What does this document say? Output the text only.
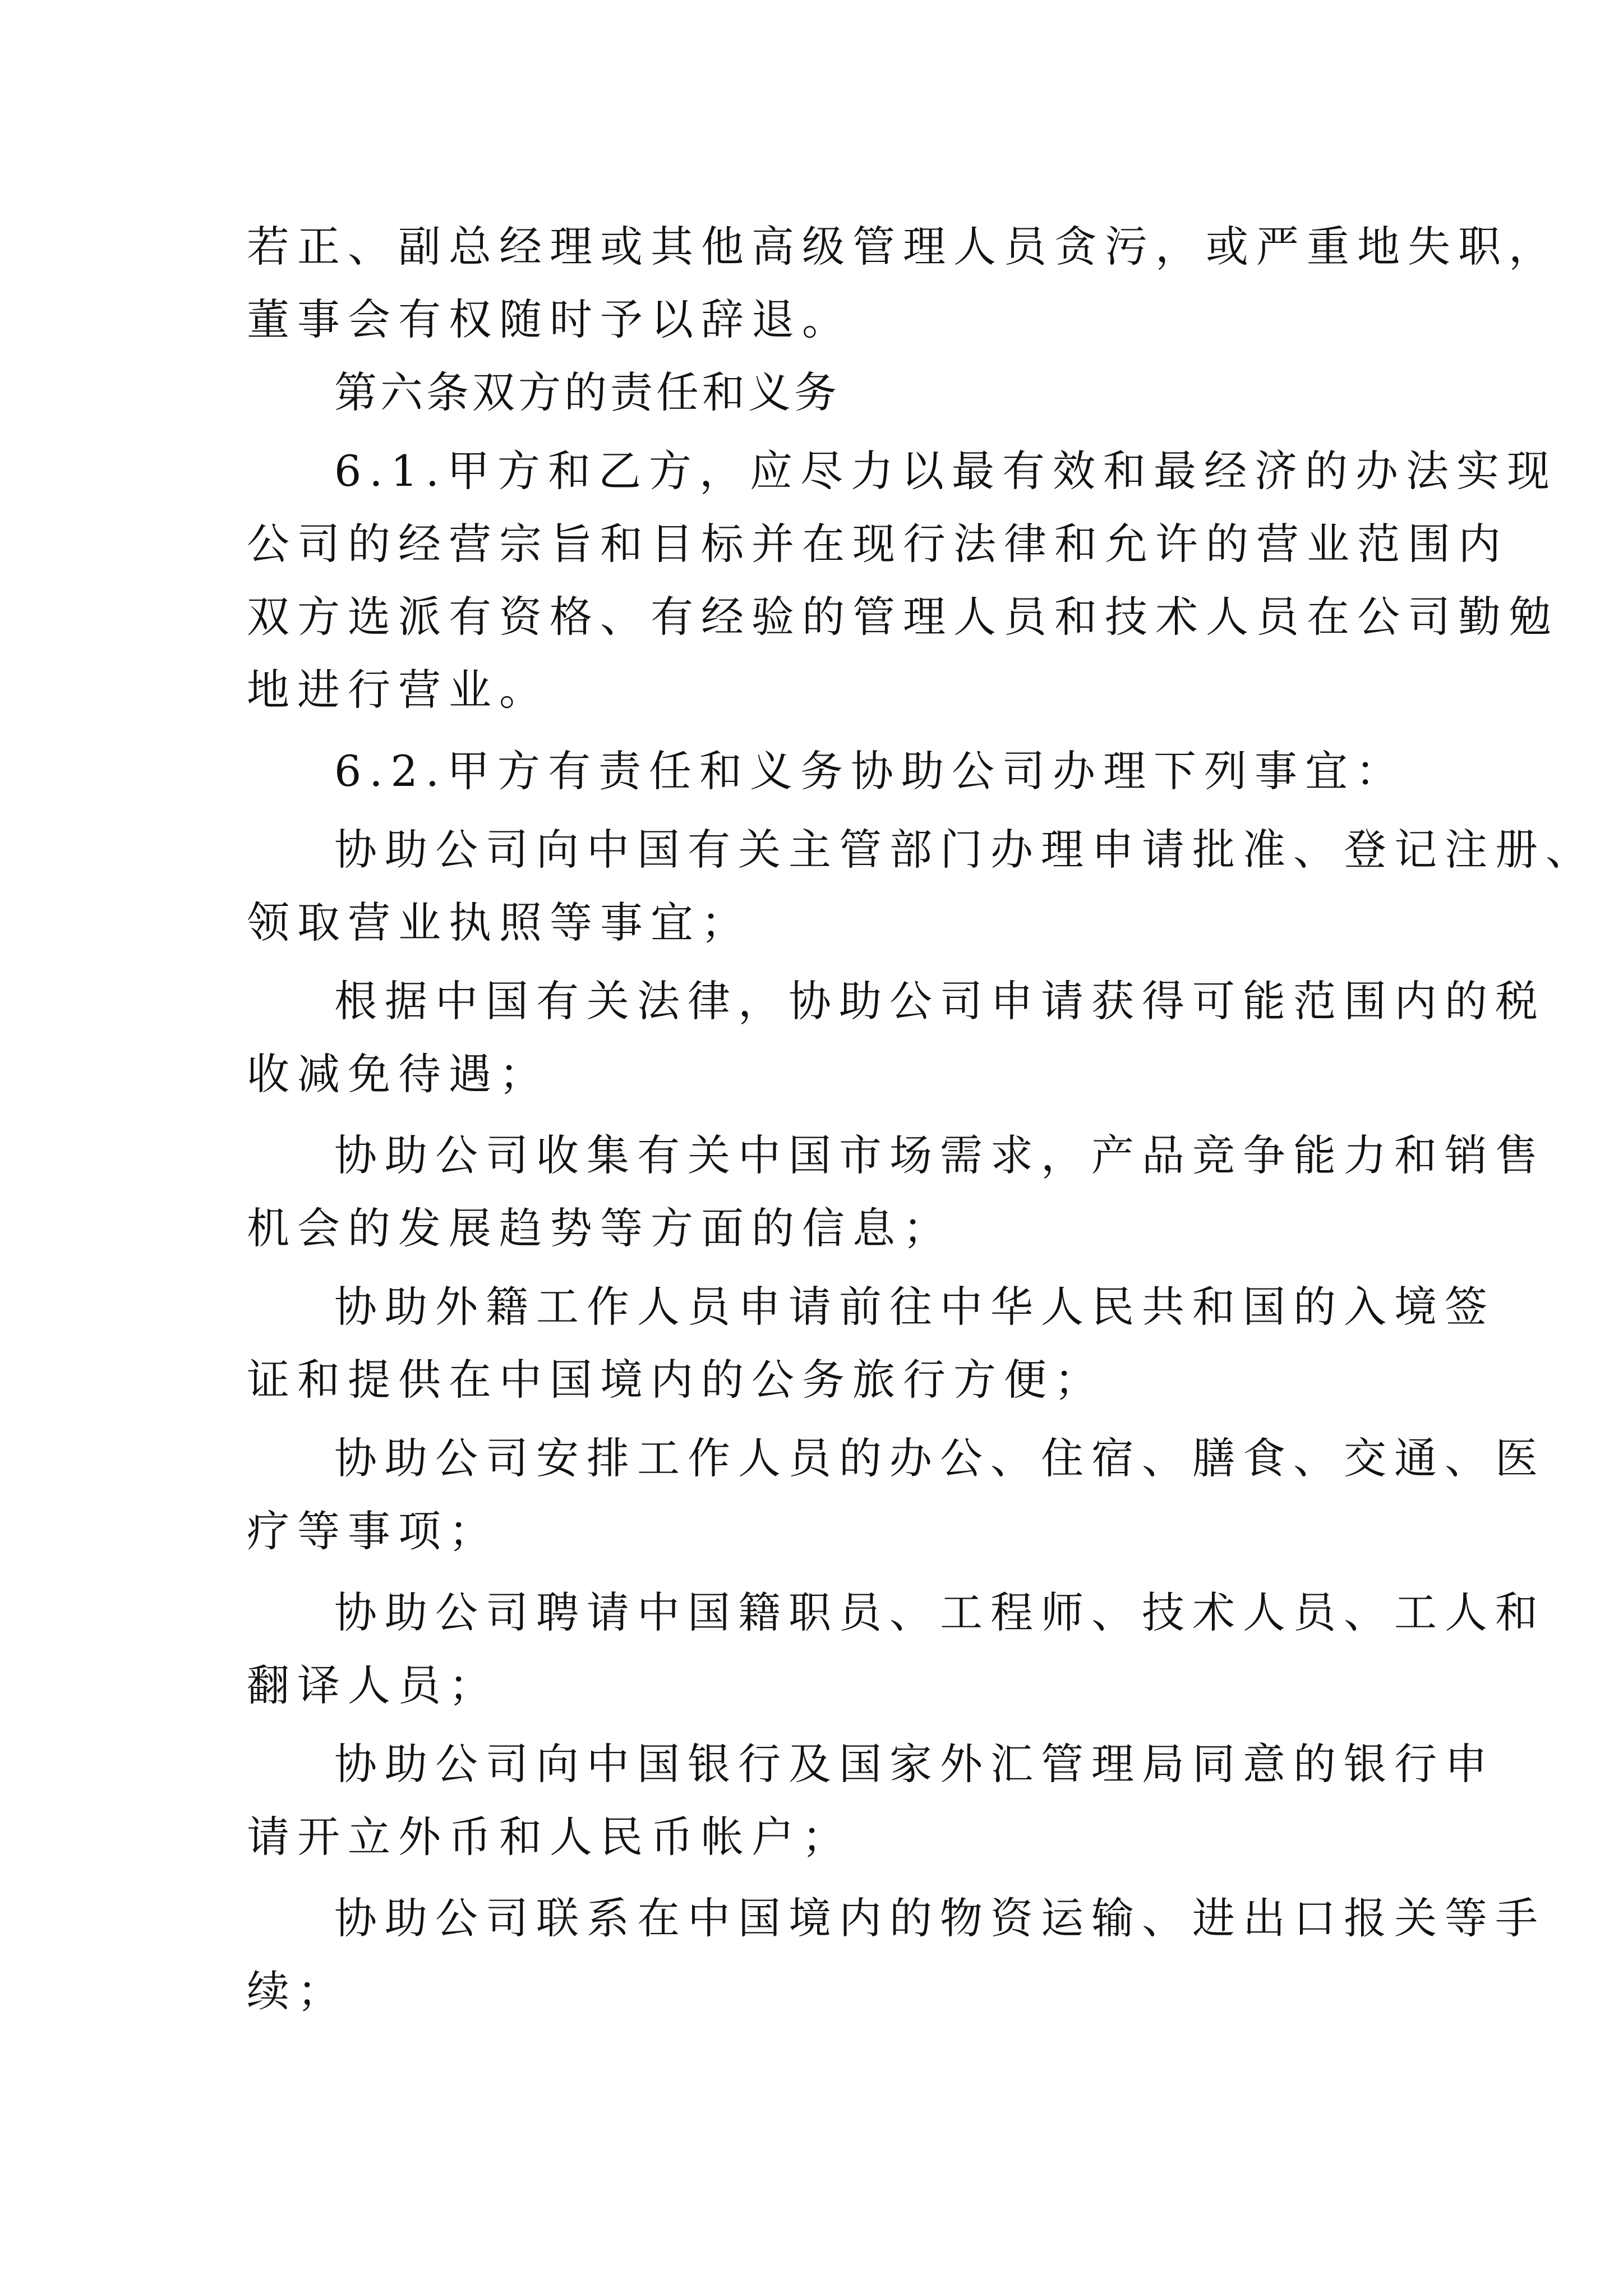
若正、副总经理或其他高级管理人员贪污，或严重地失职，

董事会有权随时予以辞退。

第六条双方的责任和义务

6.1.甲方和乙方，应尽力以最有效和最经济的办法实现

公司的经营宗旨和目标并在现行法律和允许的营业范围内

双方选派有资格、有经验的管理人员和技术人员在公司勤勉

地进行营业。

6.2.甲方有责任和义务协助公司办理下列事宜：

协助公司向中国有关主管部门办理申请批准、登记注册、

领取营业执照等事宜；

根据中国有关法律，协助公司申请获得可能范围内的税

收减免待遇；

协助公司收集有关中国市场需求，产品竞争能力和销售

机会的发展趋势等方面的信息；

协助外籍工作人员申请前往中华人民共和国的入境签

证和提供在中国境内的公务旅行方便；

协助公司安排工作人员的办公、住宿、膳食、交通、医

疗等事项；

协助公司聘请中国籍职员、工程师、技术人员、工人和

翻译人员；

协助公司向中国银行及国家外汇管理局同意的银行申

请开立外币和人民币帐户；

协助公司联系在中国境内的物资运输、进出口报关等手

续；
